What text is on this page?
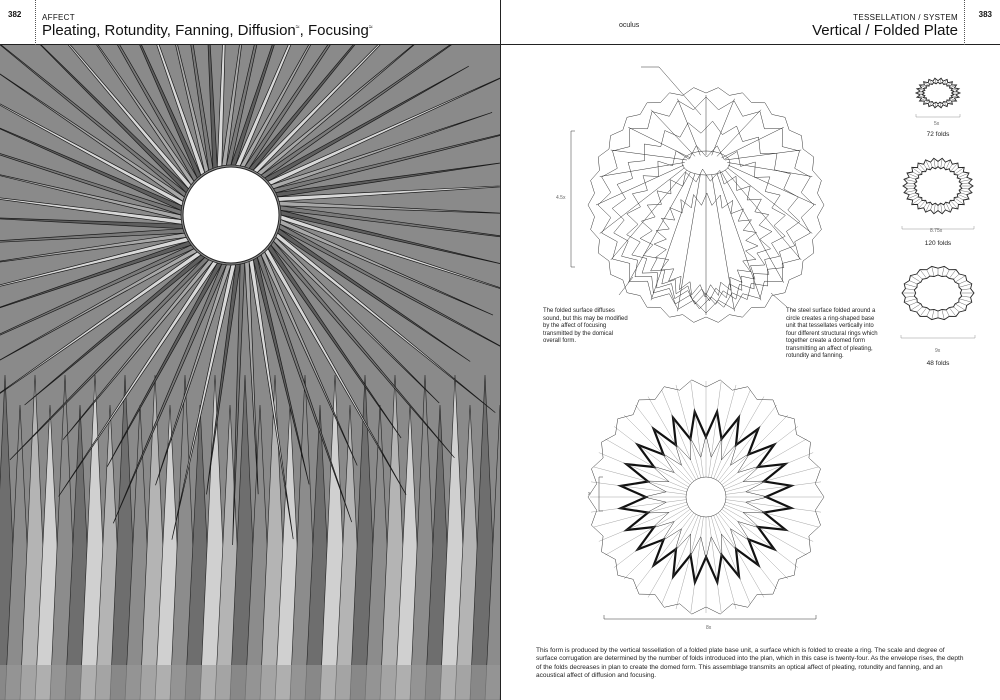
382	AFFECT
Pleating, Rotundity, Fanning, Diffusion≈, Focusing≈
TESSELLATION / SYSTEM
Vertical / Folded Plate
383
oculus
4.5x
x
8x
The folded surface diffuses sound, but this may be modified by the affect of focusing transmitted by the domical overall form.
The steel surface folded around a circle creates a ring-shaped base unit that tessellates vertically into four different structural rings which together create a domed form transmitting an affect of pleating, rotundity and fanning.
5x
72 folds
8.75x
120 folds
9x
48 folds
This form is produced by the vertical tessellation of a folded plate base unit, a surface which is folded to create a ring. The scale and degree of surface corrugation are determined by the number of folds introduced into the plan, which in this case is twenty-four. As the envelope rises, the depth of the folds decreases in plan to create the domed form. This assemblage transmits an optical affect of pleating, rotundity and fanning, and an acoustical affect of diffusion and focusing.
